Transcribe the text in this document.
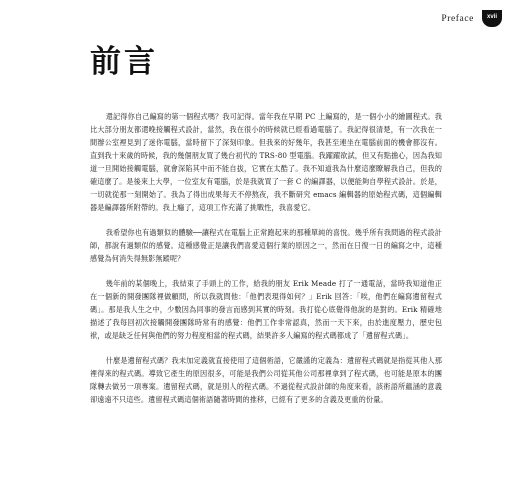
Preface xvii
前言

還記得你自己編寫的第一個程式嗎？我可記得。當年我在早期 PC 上編寫的，是一個小小的繪圖程式。我比大部分朋友都還晚接觸程式設計，當然，我在很小的時候就已經看過電腦了。我記得很清楚，有一次我在一間辦公室裡見到了迷你電腦，當時留下了深刻印象。但我來的好幾年，我甚至連坐在電腦前面的機會都沒有。直到我十來歲的時候，我的幾個朋友買了幾台初代的 TRS-80 型電腦。我躍躍欲試，但又有點擔心，因為我知道一旦開始接觸電腦，就會深陷其中而不能自拔，它實在太酷了。我不知道我為什麼這麼瞭解我自己，但我的確這麼了。是後來上大學，一位室友有電腦，於是我就買了一套 C 的編譯器，以便能夠自學程式設計。於是，一切就從那一刻開始了。我為了得出成果每天不停熬夜，我不斷研究 emacs 編輯器的原始程式碼，這個編輯器是編譯器所附帶的。我上癮了，這項工作充滿了挑戰性，我喜愛它。

我希望你也有過類似的體驗──讓程式在電腦上正常跑起來的那種單純的喜悅。幾乎所有我問過的程式設計師，都說有過類似的感覺。這種感覺正是讓我們喜愛這個行業的原因之一，然而在日復一日的編寫之中，這種感覺為何消失得無影無蹤呢？

幾年前的某個晚上，我結束了手頭上的工作，給我的朋友 Erik Meade 打了一通電話，當時我知道他正在一個新的開發團隊裡做顧問，所以我就問他：「他們表現得如何？」Erik 回答：「唉，他們在編寫遺留程式碼」。那是我人生之中，少數因為同事的發言而感到其實的時刻。我打從心底覺得他說的是對的。Erik 精確地描述了我每回初次接觸開發團隊時常有的感覺：他們工作非常認真，然而一天下來，由於進度壓力，歷史包袱，或是缺乏任何與他們的努力程度相當的程式碼，結果許多人編寫的程式碼都成了「遺留程式碼」。

什麼是遺留程式碼？我未加定義就直接使用了這個術語，它嚴謹的定義為：遺留程式碼就是指從其他人那裡得來的程式碼。導致它產生的原因很多，可能是我們公司從其他公司那裡拿到了程式碼，也可能是原本的團隊轉去做另一項專案。遺留程式碼，就是別人的程式碼。不過從程式設計師的角度來看，該術語所蘊涵的意義卻遠遠不只這些。遺留程式碼這個術語隨著時間的推移，已經有了更多的含義及更重的份量。
